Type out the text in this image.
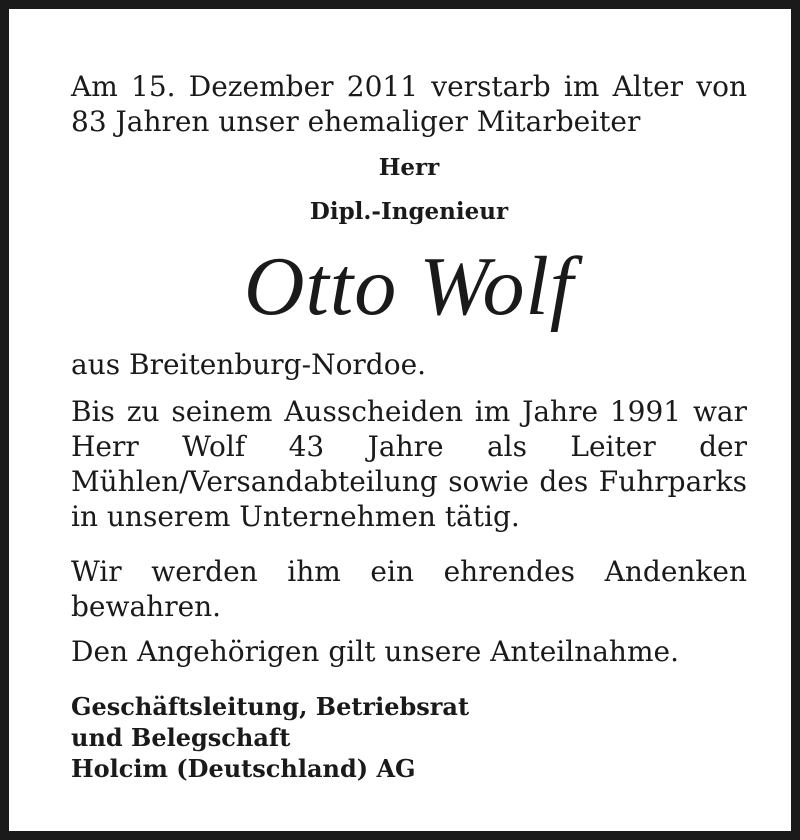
Am 15. Dezember 2011 verstarb im Alter von 83 Jahren unser ehemaliger Mitarbeiter

Herr

Dipl.-Ingenieur

Otto Wolf

aus Breitenburg-Nordoe.

Bis zu seinem Ausscheiden im Jahre 1991 war Herr Wolf 43 Jahre als Leiter der Mühlen/Versandabteilung sowie des Fuhrparks in unserem Unternehmen tätig.

Wir werden ihm ein ehrendes Andenken bewahren.

Den Angehörigen gilt unsere Anteilnahme.

Geschäftsleitung, Betriebsrat

und Belegschaft

Holcim (Deutschland) AG
